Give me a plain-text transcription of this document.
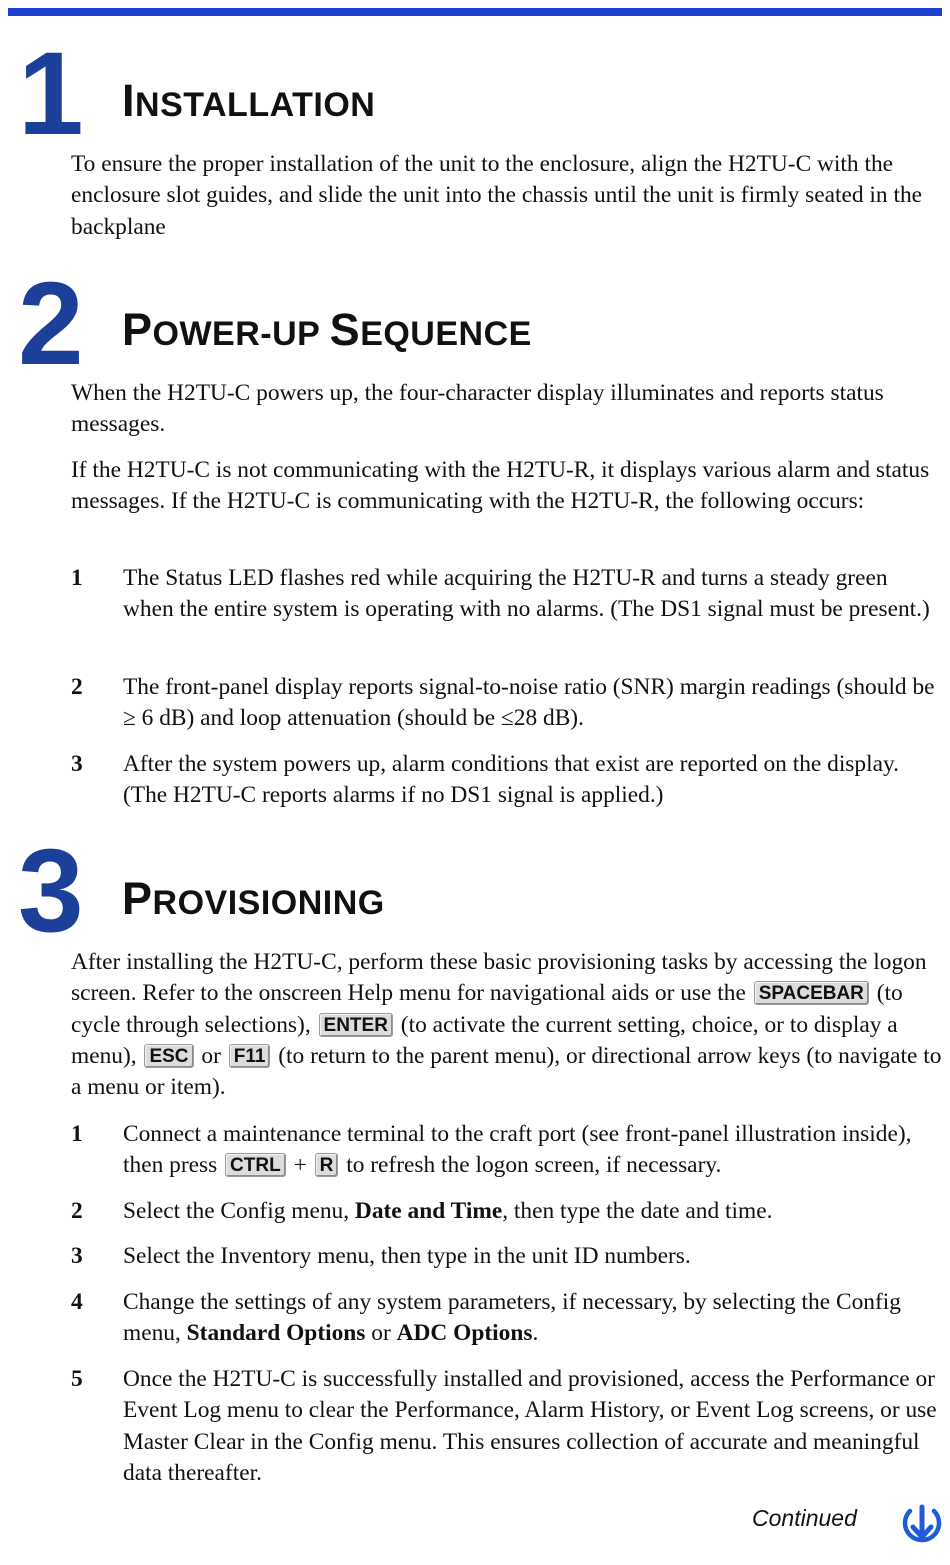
1 INSTALLATION
To ensure the proper installation of the unit to the enclosure, align the H2TU-C with the enclosure slot guides, and slide the unit into the chassis until the unit is firmly seated in the backplane
2 POWER-UP SEQUENCE
When the H2TU-C powers up, the four-character display illuminates and reports status messages.
If the H2TU-C is not communicating with the H2TU-R, it displays various alarm and status messages. If the H2TU-C is communicating with the H2TU-R, the following occurs:
1 The Status LED flashes red while acquiring the H2TU-R and turns a steady green when the entire system is operating with no alarms. (The DS1 signal must be present.)
2 The front-panel display reports signal-to-noise ratio (SNR) margin readings (should be ≥ 6 dB) and loop attenuation (should be ≤28 dB).
3 After the system powers up, alarm conditions that exist are reported on the display. (The H2TU-C reports alarms if no DS1 signal is applied.)
3 PROVISIONING
After installing the H2TU-C, perform these basic provisioning tasks by accessing the logon screen. Refer to the onscreen Help menu for navigational aids or use the SPACEBAR (to cycle through selections), ENTER (to activate the current setting, choice, or to display a menu), ESC or F11 (to return to the parent menu), or directional arrow keys (to navigate to a menu or item).
1 Connect a maintenance terminal to the craft port (see front-panel illustration inside), then press CTRL + R to refresh the logon screen, if necessary.
2 Select the Config menu, Date and Time, then type the date and time.
3 Select the Inventory menu, then type in the unit ID numbers.
4 Change the settings of any system parameters, if necessary, by selecting the Config menu, Standard Options or ADC Options.
5 Once the H2TU-C is successfully installed and provisioned, access the Performance or Event Log menu to clear the Performance, Alarm History, or Event Log screens, or use Master Clear in the Config menu. This ensures collection of accurate and meaningful data thereafter.
Continued
